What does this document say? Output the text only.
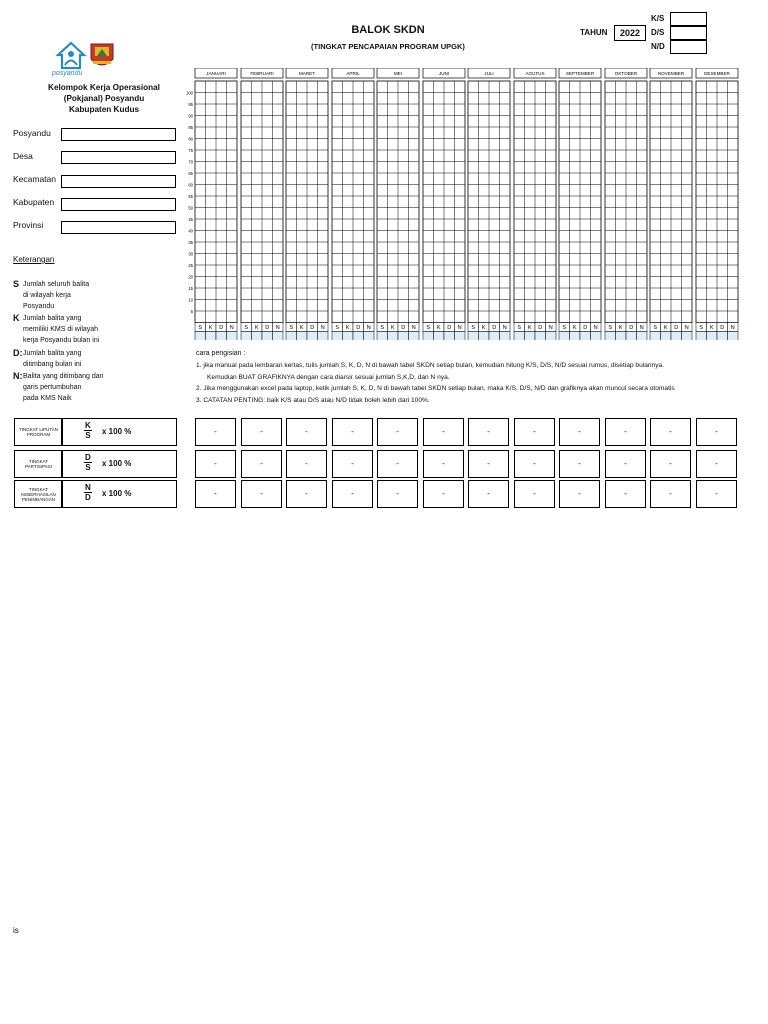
BALOK SKDN
(TINGKAT PENCAPAIAN PROGRAM UPGK)
TAHUN	2022
K/S
D/S
N/D
posyandu
Kelompok Kerja Operasional
(Pokjanal) Posyandu
Kabupaten Kudus
Posyandu
Desa
Kecamatan
Kabupaten
Provinsi
Keterangan
S Jumlah seluruh balita
di wilayah kerja
Posyandu
K Jumlah balita yang
memiliki KMS di wilayah
kerja Posyandu bulan ini
D: Jumlah balita yang
ditimbang bulan ini
N: Balita yang ditimbang dan
garis pertumbuhan
pada KMS Naik
100
95
90
85
80
75
70
65
60
55
50
45
40
35
30
25
20
15
10
5
JANUARI
S K D N
FEBRUARI
S K D N
MARET
S K D N
APRIL
S K D N
MEI
S K D N
JUNI
S K D N
JULI
S K D N
AGUTUS
S K D N
SEPTEMBER
S K D N
OKTOBER
S K D N
NOVEMBER
S K D N
DESEMBER
S K D N
cara pengisian :
1. jika manual pada lembaran kertas, tulis jumlah S, K, D, N di bawah tabel SKDN setiap bulan, kemudian hitung K/S, D/S, N/D sesuai rumus, disetiap bulannya.
Kemudian BUAT GRAFIKNYA dengan cara diarsir sesuai jumlah S,K,D, dan N nya.
2. Jika menggunakan excel pada laptop, ketik jumlah S, K, D, N di bawah tabel SKDN setiap bulan, maka K/S, D/S, N/D dan grafiknya akan muncul secara otomatis
3. CATATAN PENTING: baik K/S atau D/S atau N/D tidak boleh lebih dari 100%.
TINGKAT LIPUTAN PROGRAM	$\frac{K}{S}$ x 100 %	-	-	-	-	-	-	-	-	-	-	-	-
TINGKAT PARTISIPASI	$\frac{D}{S}$ x 100 %	-	-	-	-	-	-	-	-	-	-	-	-
TINGKAT KEBERHASILAN PENIMBANGAN	$\frac{N}{D}$ x 100 %	-	-	-	-	-	-	-	-	-	-	-	-
is
